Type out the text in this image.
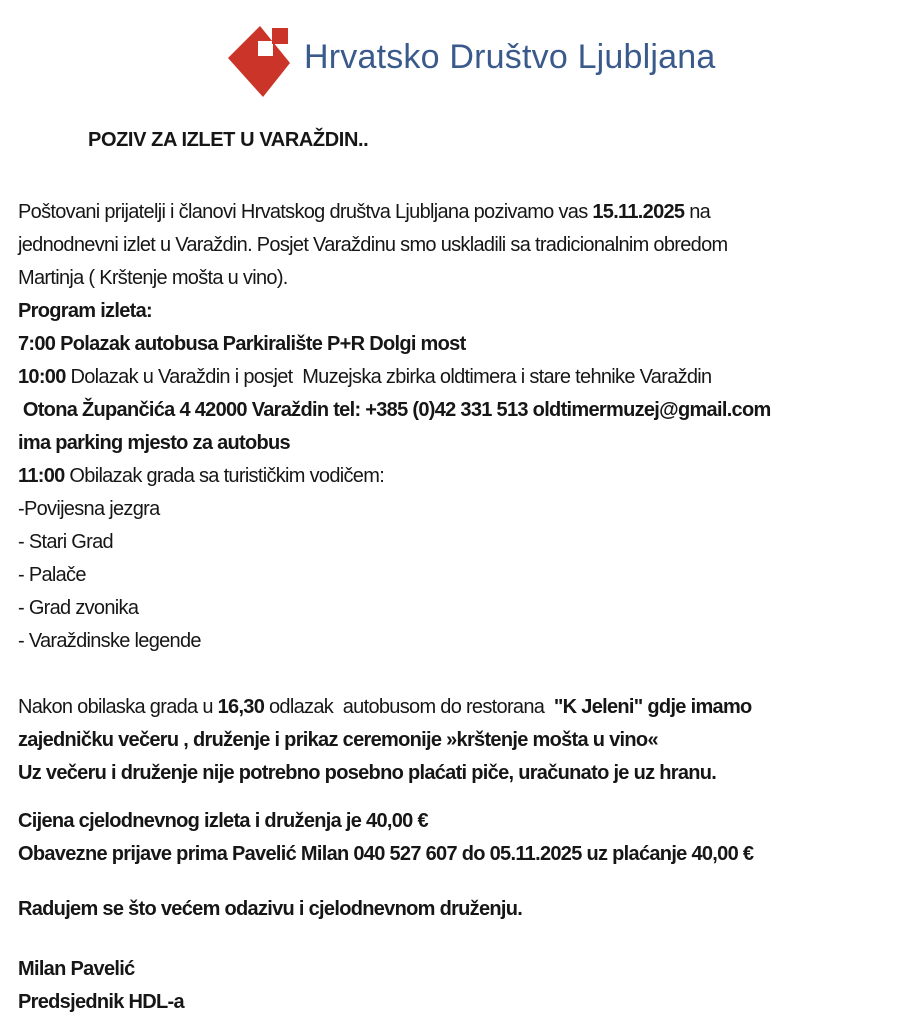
Hrvatsko Društvo Ljubljana
POZIV ZA IZLET U VARAŽDIN..
Poštovani prijatelji i članovi Hrvatskog društva Ljubljana pozivamo vas 15.11.2025 na
jednodnevni izlet u Varaždin. Posjet Varaždinu smo uskladili sa tradicionalnim obredom
Martinja ( Krštenje mošta u vino).
Program izleta:
7:00 Polazak autobusa Parkiralište P+R Dolgi most
10:00 Dolazak u Varaždin i posjet  Muzejska zbirka oldtimera i stare tehnike Varaždin
Otona Župančića 4 42000 Varaždin tel: +385 (0)42 331 513 oldtimermuzej@gmail.com
ima parking mjesto za autobus
11:00 Obilazak grada sa turističkim vodičem:
-Povijesna jezgra
- Stari Grad
- Palače
- Grad zvonika
- Varaždinske legende
Nakon obilaska grada u 16,30 odlazak  autobusom do restorana  "K Jeleni" gdje imamo
zajedničku večeru , druženje i prikaz ceremonije »krštenje mošta u vino«
Uz večeru i druženje nije potrebno posebno plaćati piče, uračunato je uz hranu.
Cijena cjelodnevnog izleta i druženja je 40,00 €
Obavezne prijave prima Pavelić Milan 040 527 607 do 05.11.2025 uz plaćanje 40,00 €
Radujem se što većem odazivu i cjelodnevnom druženju.
Milan Pavelić
Predsjednik HDL-a
